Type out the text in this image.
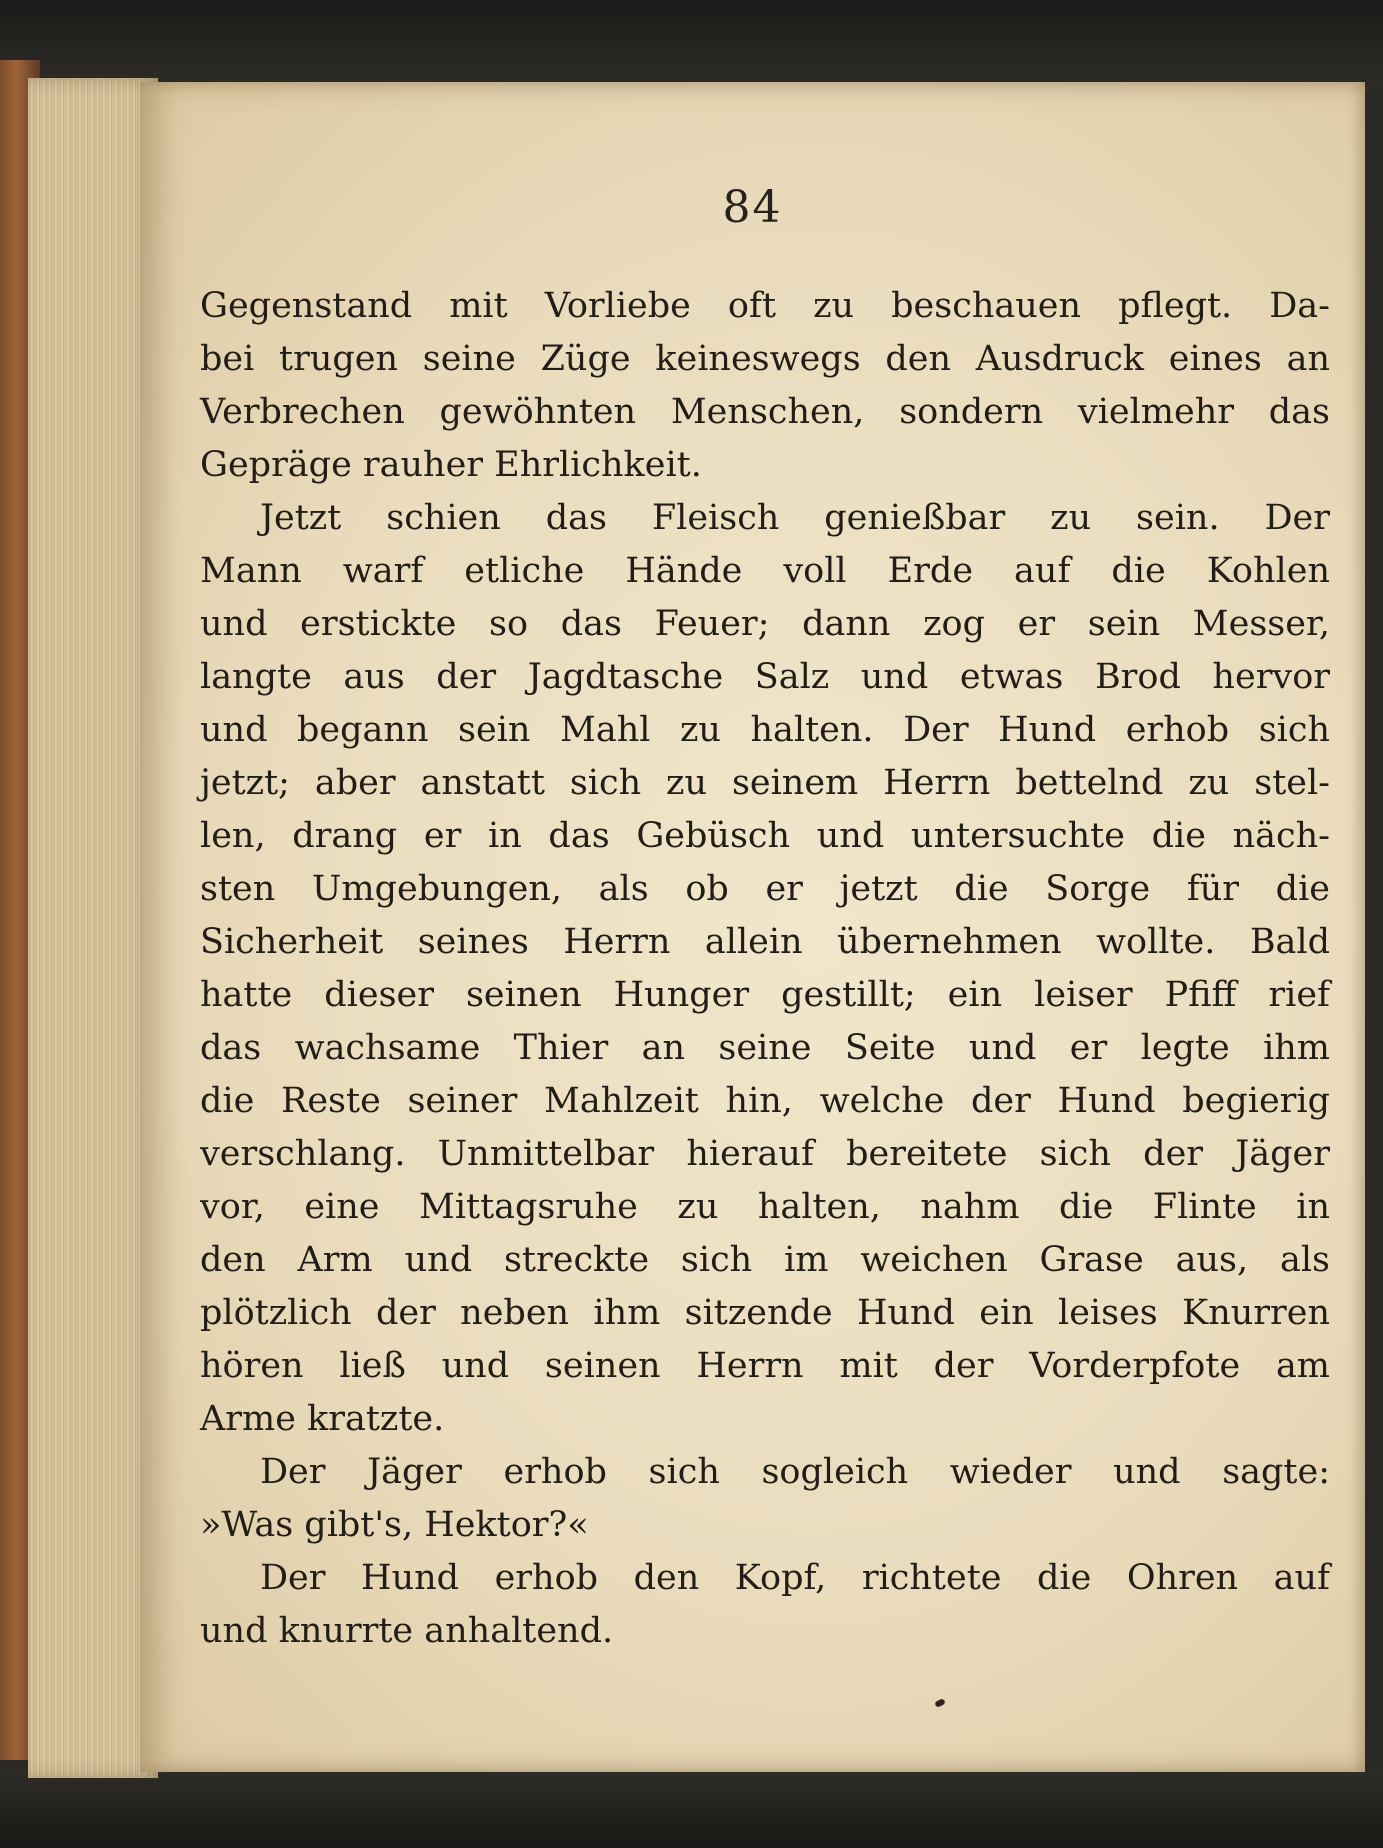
84
Gegenstand mit Vorliebe oft zu beschauen pflegt. Da-
bei trugen seine Züge keineswegs den Ausdruck eines an
Verbrechen gewöhnten Menschen, sondern vielmehr das
Gepräge rauher Ehrlichkeit.
Jetzt schien das Fleisch genießbar zu sein. Der
Mann warf etliche Hände voll Erde auf die Kohlen
und erstickte so das Feuer; dann zog er sein Messer,
langte aus der Jagdtasche Salz und etwas Brod hervor
und begann sein Mahl zu halten. Der Hund erhob sich
jetzt; aber anstatt sich zu seinem Herrn bettelnd zu stel-
len, drang er in das Gebüsch und untersuchte die näch-
sten Umgebungen, als ob er jetzt die Sorge für die
Sicherheit seines Herrn allein übernehmen wollte. Bald
hatte dieser seinen Hunger gestillt; ein leiser Pfiff rief
das wachsame Thier an seine Seite und er legte ihm
die Reste seiner Mahlzeit hin, welche der Hund begierig
verschlang. Unmittelbar hierauf bereitete sich der Jäger
vor, eine Mittagsruhe zu halten, nahm die Flinte in
den Arm und streckte sich im weichen Grase aus, als
plötzlich der neben ihm sitzende Hund ein leises Knurren
hören ließ und seinen Herrn mit der Vorderpfote am
Arme kratzte.
Der Jäger erhob sich sogleich wieder und sagte:
»Was gibt's, Hektor?«
Der Hund erhob den Kopf, richtete die Ohren auf
und knurrte anhaltend.
